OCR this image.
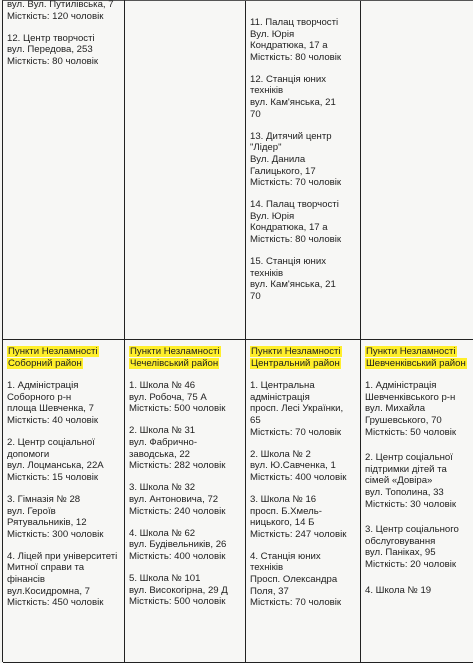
вул. Вул. Путилівська, 7
Місткість: 120 чоловік
12. Центр творчості
вул. Передова, 253
Місткість: 80 чоловік
11. Палац творчості
Вул. Юрія
Кондратюка, 17 а
Місткість: 80 чоловік
12. Станція юних
техніків
вул. Кам'янська, 21
70
13. Дитячий центр
"Лідер"
Вул. Данила
Галицького, 17
Місткість: 70 чоловік
14. Палац творчості
Вул. Юрія
Кондратюка, 17 а
Місткість: 80 чоловік
15. Станція юних
техніків
вул. Кам'янська, 21
70
Пункти Незламності
Соборний район
1. Адміністрація
Соборного р-н
площа Шевченка, 7
Місткість: 40 чоловік
2. Центр соціальної
допомоги
вул. Лоцманська, 22А
Місткість: 15 чоловік
3. Гімназія № 28
вул. Героїв
Рятувальників, 12
Місткість: 300 чоловік
4. Ліцей при університеті
Митної справи та
фінансів
вул.Косидромна, 7
Місткість: 450 чоловік
Пункти Незламності
Чечелівський район
1. Школа № 46
вул. Робоча, 75 А
Місткість: 500 чоловік
2. Школа № 31
вул. Фабрично-
заводська, 22
Місткість: 282 чоловік
3. Школа № 32
вул. Антоновича, 72
Місткість: 240 чоловік
4. Школа № 62
вул. Будівельників, 26
Місткість: 400 чоловік
5. Школа № 101
вул. Високогірна, 29 Д
Місткість: 500 чоловік
Пункти Незламності
Центральний район
1. Центральна
адміністрація
просп. Лесі Українки,
65
Місткість: 70 чоловік
2. Школа № 2
вул. Ю.Савченка, 1
Місткість: 400 чоловік
3. Школа № 16
просп. Б.Хмель-
ницького, 14 Б
Місткість: 247 чоловік
4. Станція юних
техніків
Просп. Олександра
Поля, 37
Місткість: 70 чоловік
Пункти Незламності
Шевченківський район
1. Адміністрація
Шевченківського р-н
вул. Михайла
Грушевського, 70
Місткість: 50 чоловік
2. Центр соціальної
підтримки дітей та
сімей «Довіра»
вул. Тополина, 33
Місткість: 30 чоловік
3. Центр соціального
обслуговування
вул. Паніках, 95
Місткість: 20 чоловік
4. Школа № 19
